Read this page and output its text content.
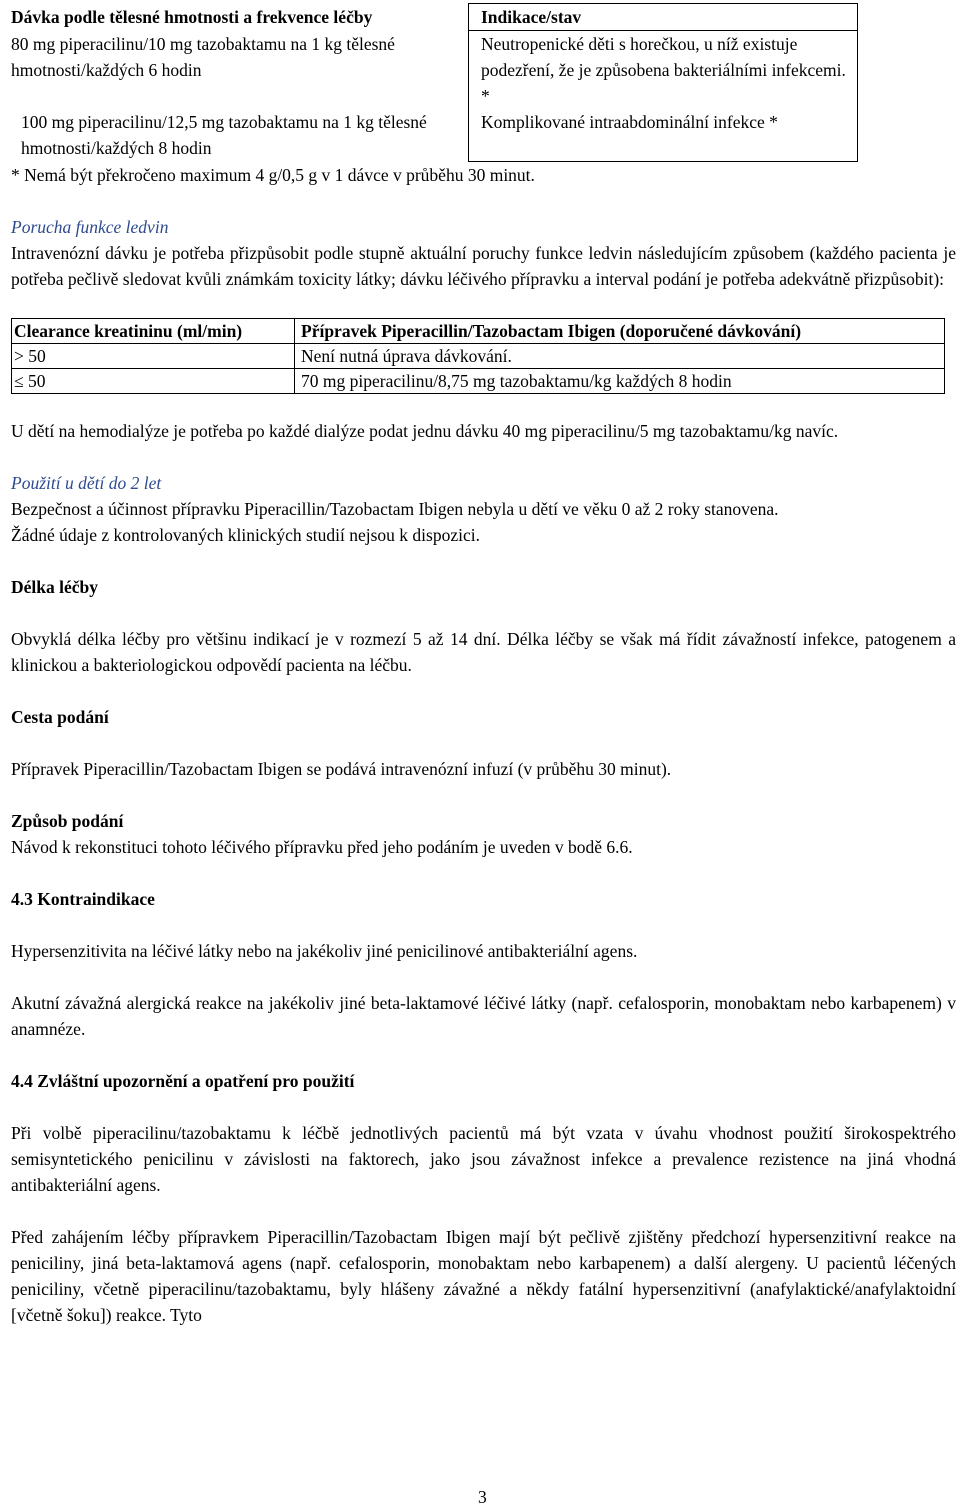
Dávka podle tělesné hmotnosti a frekvence léčby	Indikace/stav
80 mg piperacilinu/10 mg tazobaktamu na 1 kg tělesné hmotnosti/každých 6 hodin	Neutropenické děti s horečkou, u níž existuje podezření, že je způsobena bakteriálními infekcemi. *
100 mg piperacilinu/12,5 mg tazobaktamu na 1 kg tělesné hmotnosti/každých 8 hodin	Komplikované intraabdominální infekce *

* Nemá být překročeno maximum 4 g/0,5 g v 1 dávce v průběhu 30 minut.

Porucha funkce ledvin

Intravenózní dávku je potřeba přizpůsobit podle stupně aktuální poruchy funkce ledvin následujícím způsobem (každého pacienta je potřeba pečlivě sledovat kvůli známkám toxicity látky; dávku léčivého přípravku a interval podání je potřeba adekvátně přizpůsobit):

Clearance kreatininu (ml/min)	Přípravek Piperacillin/Tazobactam Ibigen (doporučené dávkování)
> 50	Není nutná úprava dávkování.
≤ 50	70 mg piperacilinu/8,75 mg tazobaktamu/kg každých 8 hodin

U dětí na hemodialýze je potřeba po každé dialýze podat jednu dávku 40 mg piperacilinu/5 mg tazobaktamu/kg navíc.

Použití u dětí do 2 let

Bezpečnost a účinnost přípravku Piperacillin/Tazobactam Ibigen nebyla u dětí ve věku 0 až 2 roky stanovena.

Žádné údaje z kontrolovaných klinických studií nejsou k dispozici.

Délka léčby

Obvyklá délka léčby pro většinu indikací je v rozmezí 5 až 14 dní. Délka léčby se však má řídit závažností infekce, patogenem a klinickou a bakteriologickou odpovědí pacienta na léčbu.

Cesta podání

Přípravek Piperacillin/Tazobactam Ibigen se podává intravenózní infuzí (v průběhu 30 minut).

Způsob podání

Návod k rekonstituci tohoto léčivého přípravku před jeho podáním je uveden v bodě 6.6.

4.3 Kontraindikace

Hypersenzitivita na léčivé látky nebo na jakékoliv jiné penicilinové antibakteriální agens.

Akutní závažná alergická reakce na jakékoliv jiné beta-laktamové léčivé látky (např. cefalosporin, monobaktam nebo karbapenem) v anamnéze.

4.4 Zvláštní upozornění a opatření pro použití

Při volbě piperacilinu/tazobaktamu k léčbě jednotlivých pacientů má být vzata v úvahu vhodnost použití širokospektrého semisyntetického penicilinu v závislosti na faktorech, jako jsou závažnost infekce a prevalence rezistence na jiná vhodná antibakteriální agens.

Před zahájením léčby přípravkem Piperacillin/Tazobactam Ibigen mají být pečlivě zjištěny předchozí hypersenzitivní reakce na peniciliny, jiná beta-laktamová agens (např. cefalosporin, monobaktam nebo karbapenem) a další alergeny. U pacientů léčených peniciliny, včetně piperacilinu/tazobaktamu, byly hlášeny závažné a někdy fatální hypersenzitivní (anafylaktické/anafylaktoidní [včetně šoku]) reakce. Tyto

3
